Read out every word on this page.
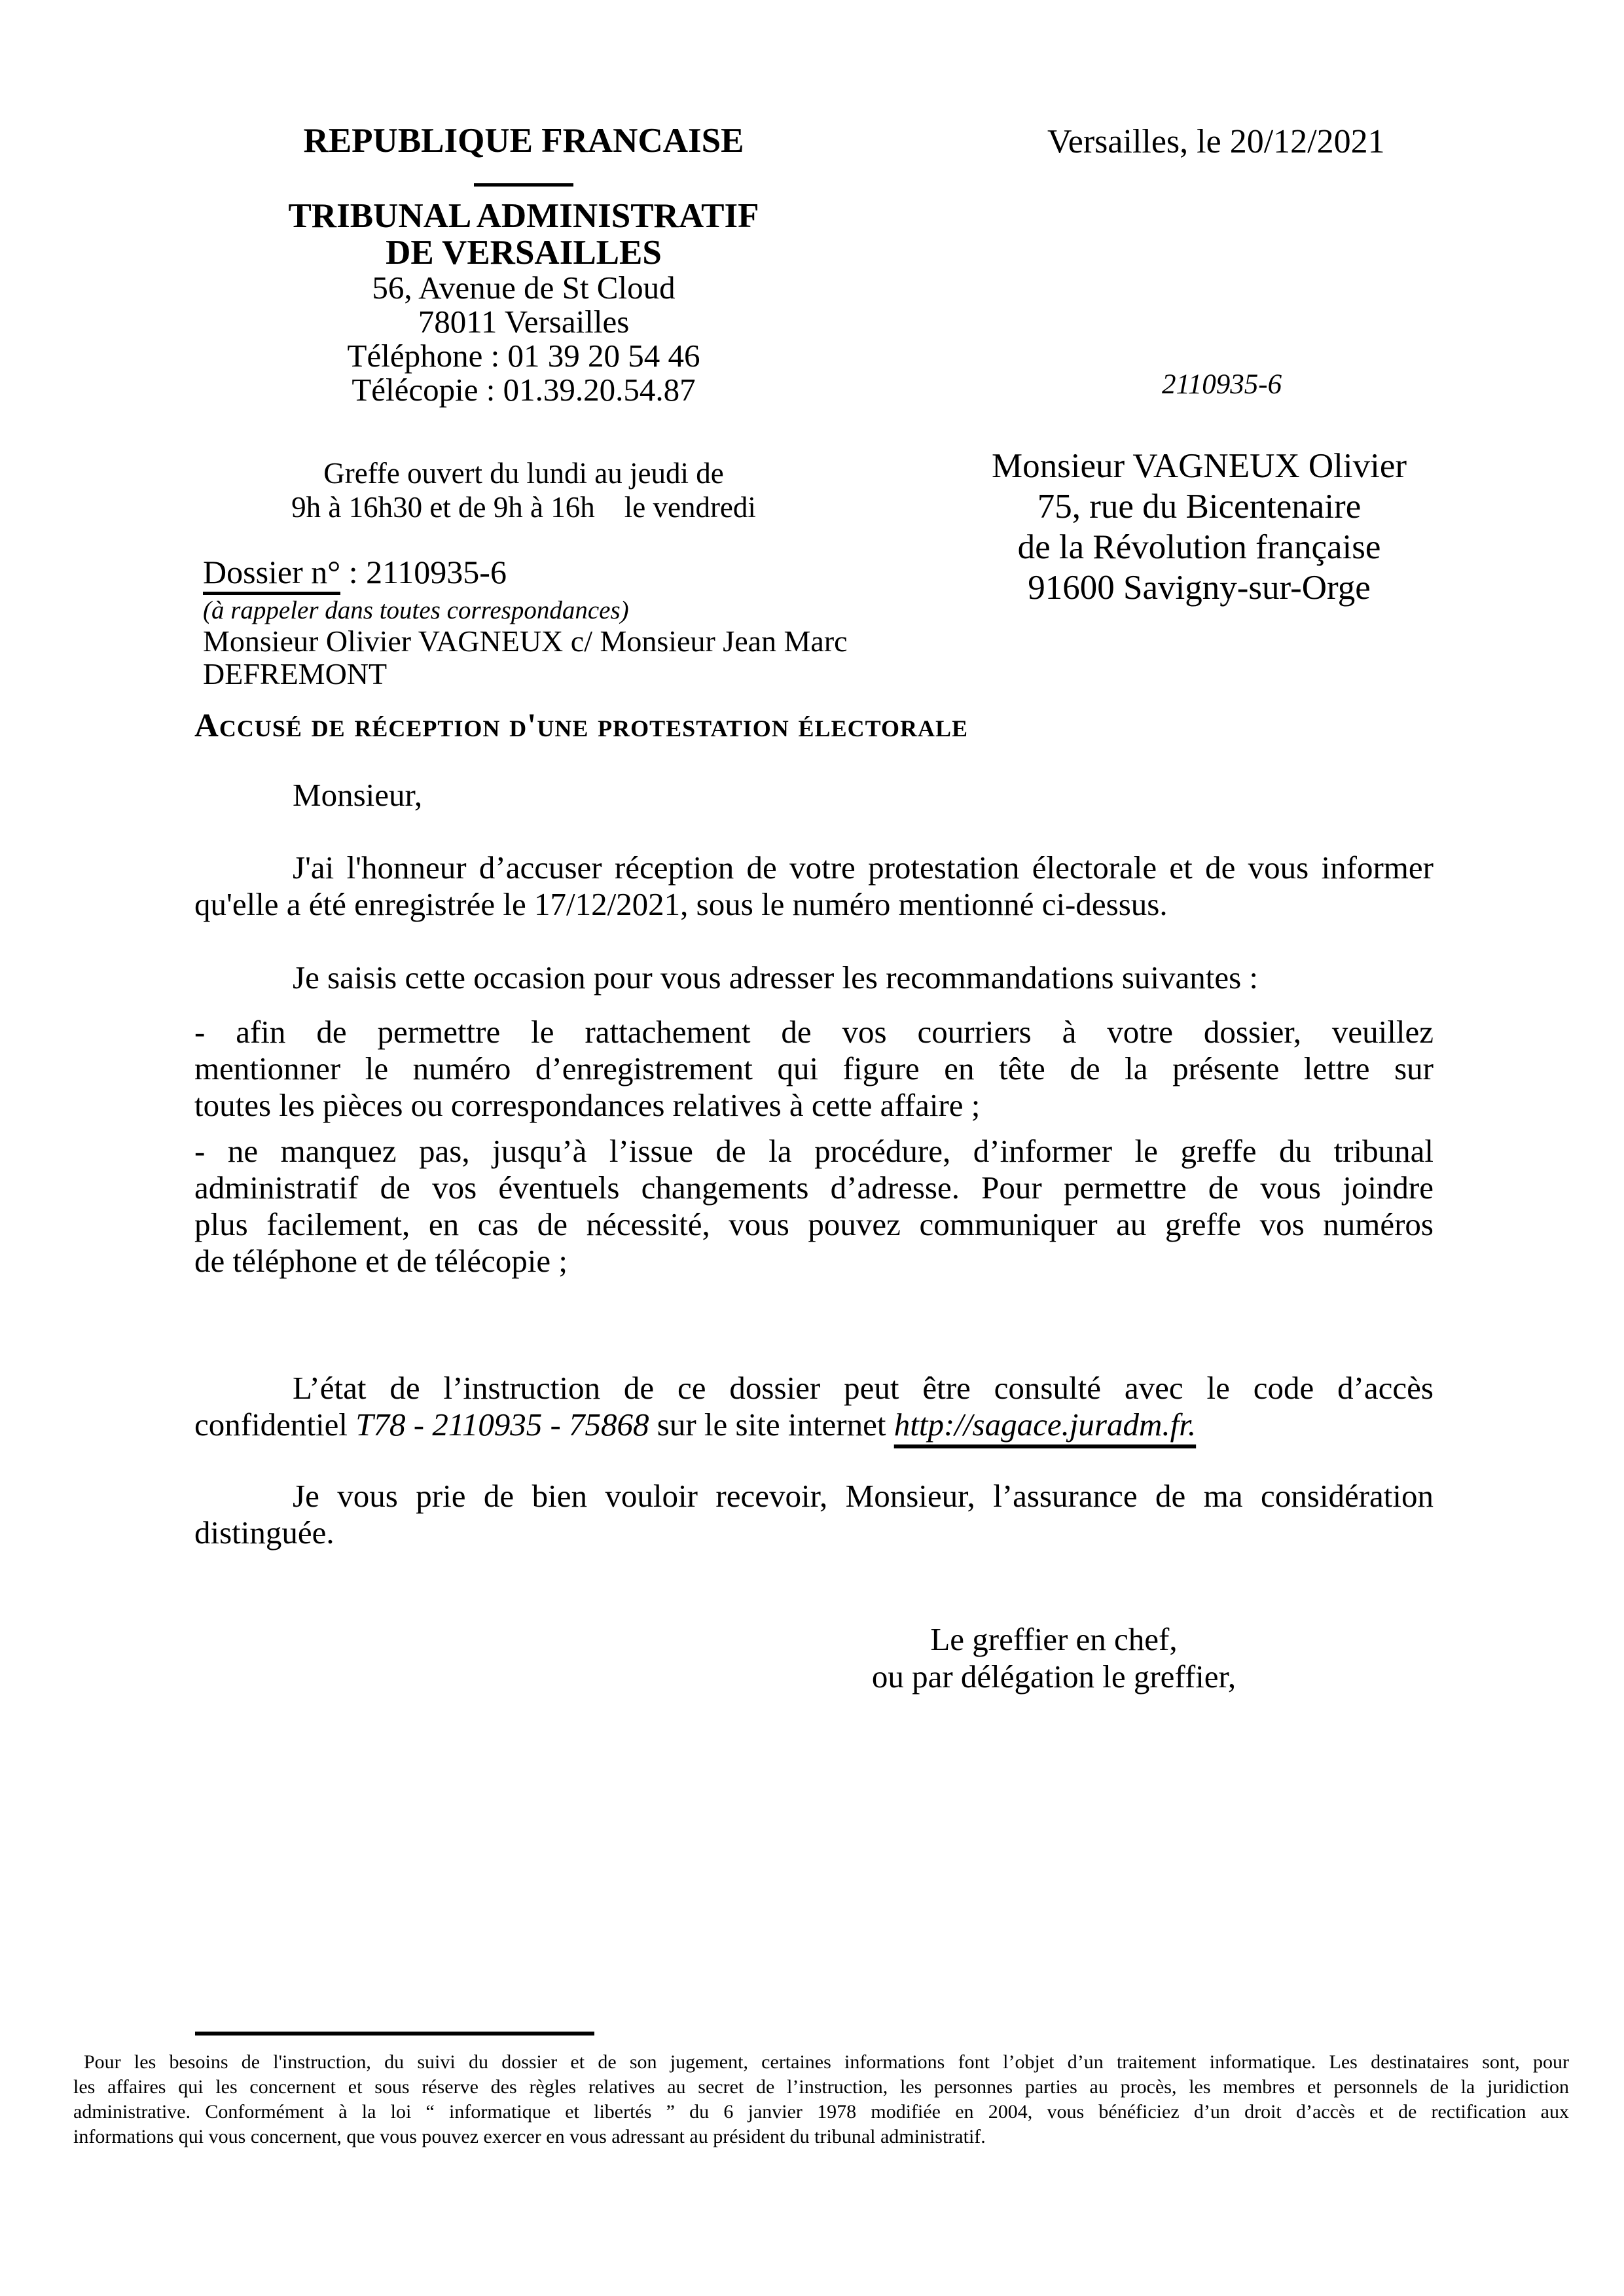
REPUBLIQUE FRANCAISE
TRIBUNAL ADMINISTRATIF
DE VERSAILLES
56, Avenue de St Cloud
78011 Versailles
Téléphone : 01 39 20 54 46
Télécopie : 01.39.20.54.87
Greffe ouvert du lundi au jeudi de
9h à 16h30 et de 9h à 16h    le vendredi
Dossier n° : 2110935-6
(à rappeler dans toutes correspondances)
Monsieur Olivier VAGNEUX c/ Monsieur Jean Marc
DEFREMONT
Versailles, le 20/12/2021
2110935-6
Monsieur VAGNEUX Olivier
75, rue du Bicentenaire
de la Révolution française
91600 Savigny-sur-Orge
Accusé de réception d'une protestation électorale
Monsieur,
J'ai l'honneur d’accuser réception de votre protestation électorale et de vous informer
qu'elle a été enregistrée le 17/12/2021, sous le numéro mentionné ci-dessus.
Je saisis cette occasion pour vous adresser les recommandations suivantes :
- afin de permettre le rattachement de vos courriers à votre dossier, veuillez
mentionner le numéro d’enregistrement qui figure en tête de la présente lettre sur
toutes les pièces ou correspondances relatives à cette affaire ;
- ne manquez pas, jusqu’à l’issue de la procédure, d’informer le greffe du tribunal
administratif de vos éventuels changements d’adresse. Pour permettre de vous joindre
plus facilement, en cas de nécessité, vous pouvez communiquer au greffe vos numéros
de téléphone et de télécopie ;
L’état de l’instruction de ce dossier peut être consulté avec le code d’accès
confidentiel T78 - 2110935 - 75868 sur le site internet http://sagace.juradm.fr.
Je vous prie de bien vouloir recevoir, Monsieur, l’assurance de ma considération
distinguée.
Le greffier en chef,
ou par délégation le greffier,
Pour les besoins de l'instruction, du suivi du dossier et de son jugement, certaines informations font l’objet d’un traitement informatique. Les destinataires sont, pour
les affaires qui les concernent et sous réserve des règles relatives au secret de l’instruction, les personnes parties au procès, les membres et personnels de la juridiction
administrative. Conformément à la loi “ informatique et libertés ” du 6 janvier 1978 modifiée en 2004, vous bénéficiez d’un droit d’accès et de rectification aux
informations qui vous concernent, que vous pouvez exercer en vous adressant au président du tribunal administratif.
